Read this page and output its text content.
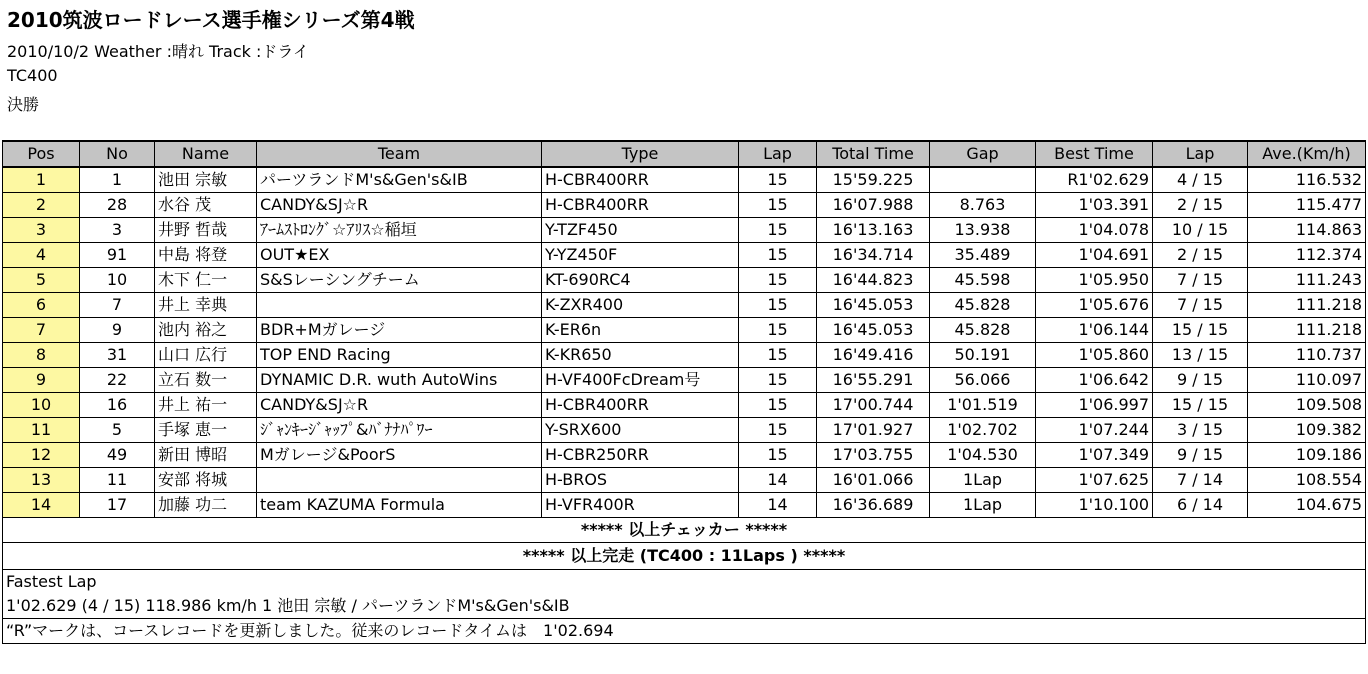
2010筑波ロードレース選手権シリーズ第4戦
2010/10/2 Weather :晴れ Track :ドライ
TC400
決勝
Pos	No	Name	Team	Type	Lap	Total Time	Gap	Best Time	Lap	Ave.(Km/h)
1	1	池田 宗敏	パーツランドM's&Gen's&IB	H-CBR400RR	15	15'59.225		R1'02.629	4 / 15	116.532
2	28	水谷 茂	CANDY&SJ☆R	H-CBR400RR	15	16'07.988	8.763	1'03.391	2 / 15	115.477
3	3	井野 哲哉	ｱｰﾑｽﾄﾛﾝｸﾞ☆ｱﾘｽ☆稲垣	Y-TZF450	15	16'13.163	13.938	1'04.078	10 / 15	114.863
4	91	中島 将登	OUT★EX	Y-YZ450F	15	16'34.714	35.489	1'04.691	2 / 15	112.374
5	10	木下 仁一	S&Sレーシングチーム	KT-690RC4	15	16'44.823	45.598	1'05.950	7 / 15	111.243
6	7	井上 幸典		K-ZXR400	15	16'45.053	45.828	1'05.676	7 / 15	111.218
7	9	池内 裕之	BDR+Mガレージ	K-ER6n	15	16'45.053	45.828	1'06.144	15 / 15	111.218
8	31	山口 広行	TOP END Racing	K-KR650	15	16'49.416	50.191	1'05.860	13 / 15	110.737
9	22	立石 数一	DYNAMIC D.R. wuth AutoWins	H-VF400FcDream号	15	16'55.291	56.066	1'06.642	9 / 15	110.097
10	16	井上 祐一	CANDY&SJ☆R	H-CBR400RR	15	17'00.744	1'01.519	1'06.997	15 / 15	109.508
11	5	手塚 恵一	ｼﾞｬﾝｷｰｼﾞｬｯﾌﾟ&ﾊﾞﾅﾅﾊﾟﾜｰ	Y-SRX600	15	17'01.927	1'02.702	1'07.244	3 / 15	109.382
12	49	新田 博昭	Mガレージ&PoorS	H-CBR250RR	15	17'03.755	1'04.530	1'07.349	9 / 15	109.186
13	11	安部 将城		H-BROS	14	16'01.066	1Lap	1'07.625	7 / 14	108.554
14	17	加藤 功二	team KAZUMA Formula	H-VFR400R	14	16'36.689	1Lap	1'10.100	6 / 14	104.675
***** 以上チェッカー *****										
***** 以上完走 (TC400 : 11Laps ) *****										
Fastest Lap										
1'02.629 (4 / 15) 118.986 km/h 1 池田 宗敏 / パーツランドM's&Gen's&IB										
“R”マークは、コースレコードを更新しました。従来のレコードタイムは　1'02.694										
